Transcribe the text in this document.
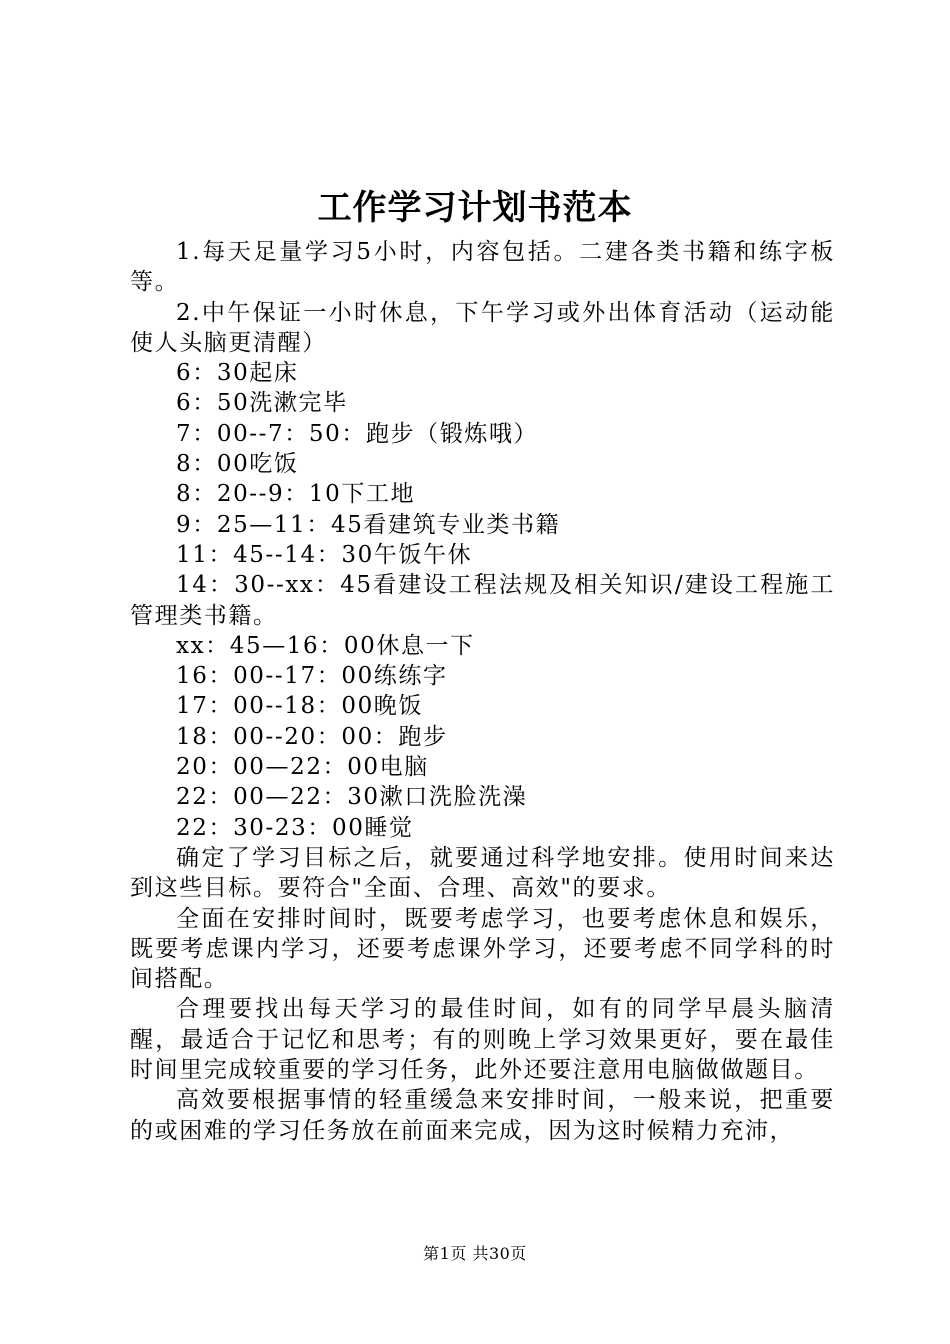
工作学习计划书范本

1.每天足量学习5小时，内容包括。二建各类书籍和练字板等。

2.中午保证一小时休息，下午学习或外出体育活动（运动能使人头脑更清醒）

6：30起床

6：50洗漱完毕

7：00--7：50：跑步（锻炼哦）

8：00吃饭

8：20--9：10下工地

9：25—11：45看建筑专业类书籍

11：45--14：30午饭午休

14：30--xx：45看建设工程法规及相关知识/建设工程施工管理类书籍。

xx：45—16：00休息一下

16：00--17：00练练字

17：00--18：00晚饭

18：00--20：00：跑步

20：00—22：00电脑

22：00—22：30漱口洗脸洗澡

22：30-23：00睡觉

确定了学习目标之后，就要通过科学地安排。使用时间来达到这些目标。要符合"全面、合理、高效"的要求。

全面在安排时间时，既要考虑学习，也要考虑休息和娱乐，既要考虑课内学习，还要考虑课外学习，还要考虑不同学科的时间搭配。

合理要找出每天学习的最佳时间，如有的同学早晨头脑清醒，最适合于记忆和思考；有的则晚上学习效果更好，要在最佳时间里完成较重要的学习任务，此外还要注意用电脑做做题目。

高效要根据事情的轻重缓急来安排时间，一般来说，把重要的或困难的学习任务放在前面来完成，因为这时候精力充沛，

第1页 共30页
